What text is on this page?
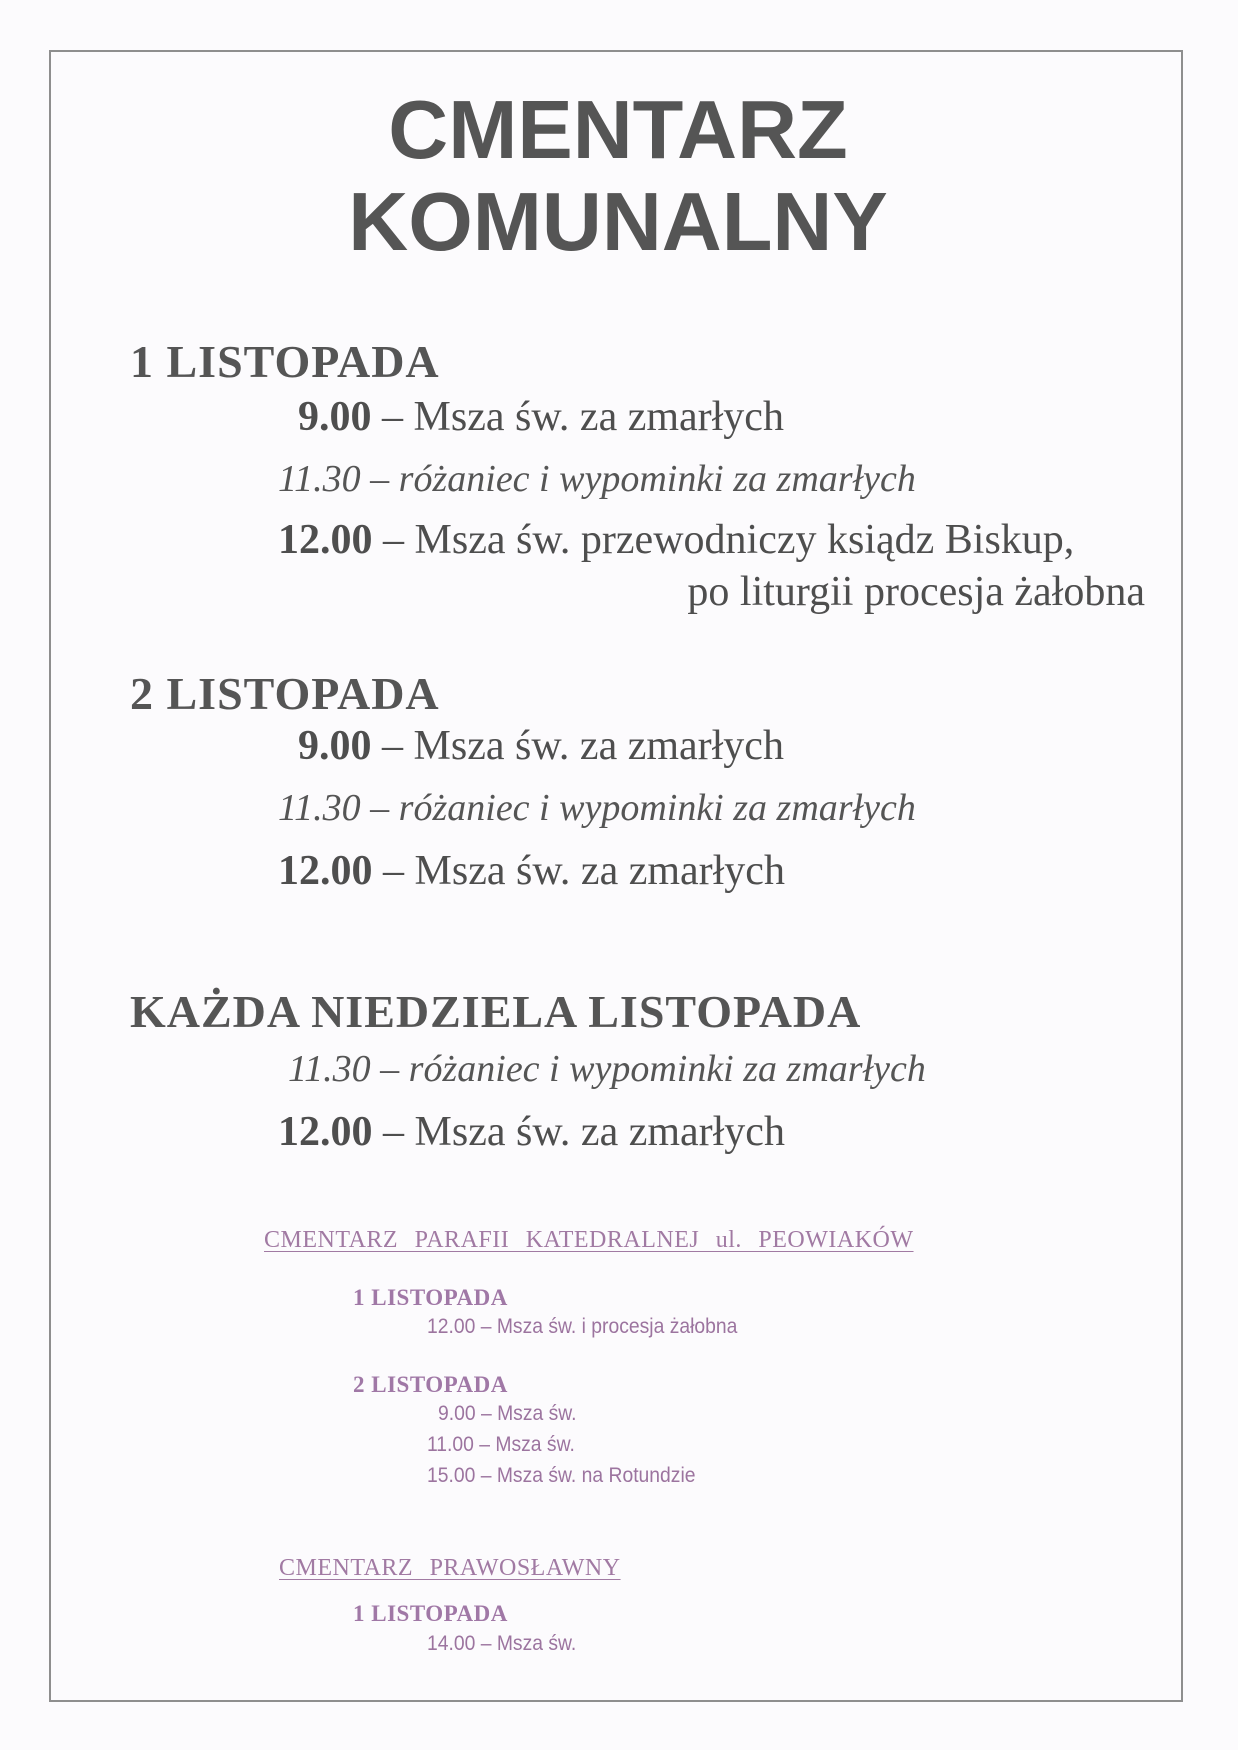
CMENTARZ
KOMUNALNY
1 LISTOPADA
9.00 – Msza św. za zmarłych
11.30 – różaniec i wypominki za zmarłych
12.00 – Msza św. przewodniczy ksiądz Biskup,
po liturgii procesja żałobna
2 LISTOPADA
9.00 – Msza św. za zmarłych
11.30 – różaniec i wypominki za zmarłych
12.00 – Msza św. za zmarłych
KAŻDA NIEDZIELA LISTOPADA
11.30 – różaniec i wypominki za zmarłych
12.00 – Msza św. za zmarłych
CMENTARZ PARAFII KATEDRALNEJ ul. PEOWIAKÓW
1 LISTOPADA
12.00 – Msza św. i procesja żałobna
2 LISTOPADA
9.00 – Msza św.
11.00 – Msza św.
15.00 – Msza św. na Rotundzie
CMENTARZ PRAWOSŁAWNY
1 LISTOPADA
14.00 – Msza św.
